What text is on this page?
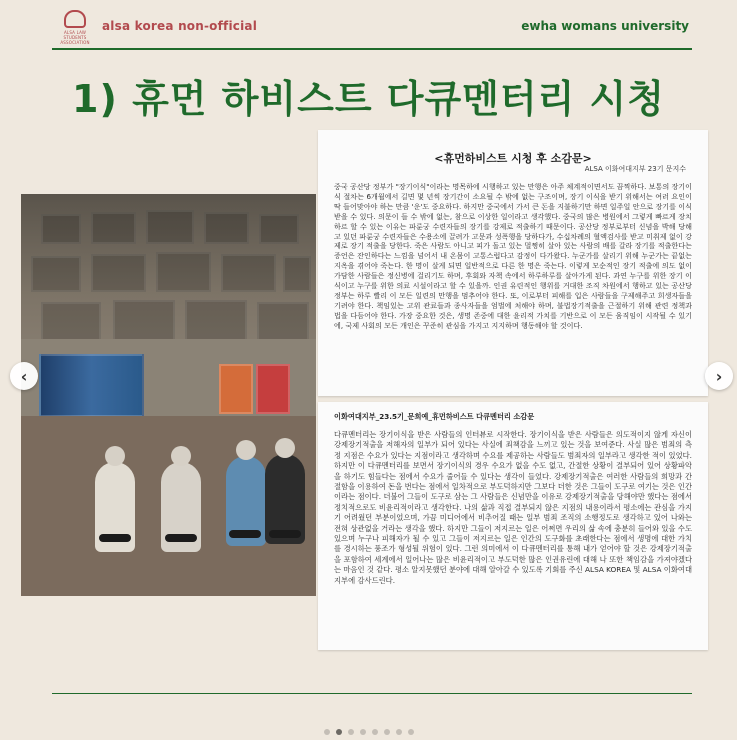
ALSA LAW STUDENTS ASSOCIATION
alsa korea non-official	ewha womans university
1) 휴먼 하비스트 다큐멘터리 시청
<휴먼하비스트 시청 후 소감문>
ALSA 이화여대지부 23기 문지수
중국 공산당 정부가 "장기이식"이라는 명목하에 시행하고 있는 만행은 아주 체계적이면서도 끔찍하다. 보통의 장기이식 절차는 6개월에서 길면 몇 년씩 장기간이 소요될 수 밖에 없는 구조이며, 장기 이식을 받기 위해서는 여러 요인이 딱 들어맞아야 하는 만큼 '운'도 중요하다. 하지만 중국에서 가서 큰 돈을 지불하기만 하면 일주일 안으로 장기를 이식 받을 수 있다. 의문이 들 수 밖에 없는, 참으로 이상한 일이라고 생각했다. 중국의 많은 병원에서 그렇게 빠르게 장치하르 할 수 있는 이유는 파룬궁 수련자들의 장기를 강제로 적출하기 때문이다. 공산당 정부로부터 신념을 박해 당해고 있던 파룬궁 수련자들은 수용소에 끌려가 고문과 성폭행을 당하다가, 수십차례의 혈액검사를 받고 미취제 없이 강제로 장기 적출을 당한다. 죽은 사람도 아니고 피가 돌고 있는 멀쩡히 살아 있는 사람의 배를 갈라 장기를 적출한다는 증언은 잔인하다는 느낌을 넘어서 내 온몸이 고통스럽다고 감정이 다가왔다. 누군가를 살리기 위해 누군가는 끝없는 지옥을 겪어야 죽는다. 한 명이 살게 되면 일반적으로 다른 한 명은 죽는다. 이렇게 모순적인 장기 적출에 의도 없이 가담한 사람들은 정신병에 걸리기도 하며, 후회와 자책 속에서 하루하루를 살아가게 된다. 과연 누구를 위한 장기 이식이고 누구를 위한 의료 시설이라고 할 수 있을까. 인권 유린적인 행위를 거대한 조직 차원에서 행하고 있는 공산당 정부는 하루 빨리 이 모든 일련의 만행을 멈추어야 한다. 또, 이로부터 피해를 입은 사람들을 구제해주고 희생자들을 기려야 한다. 책임있는 고위 관료들과 종사자들을 엄벌에 처해야 하며, 불법장기적출을 근절하기 위해 관련 정책과 법을 다듬어야 한다. 가장 중요한 것은, 생명 존중에 대한 윤리적 가치를 기반으로 이 모든 움직임이 시작될 수 있기에, 국제 사회의 모든 개인은 꾸준히 관심을 가지고 지지하며 행동해야 할 것이다.
이화여대지부_23.5기_문희예_휴먼하비스트 다큐멘터리 소감문
다큐멘터리는 장기이식을 받은 사람들의 인터뷰로 시작한다. 장기이식을 받은 사람들은 의도적이지 않게 자신이 강제장기적출을 저해자의 일부가 되어 있다는 사실에 죄책감을 느끼고 있는 것을 보여준다. 사실 많은 범죄의 측정 지점은 수요가 있다는 지점이라고 생각하며 수요를 제공하는 사람들도 범죄자의 일부라고 생각한 적이 있었다. 하지만 이 다큐멘터리를 보면서 장기이식의 경우 수요가 없을 수도 없고, 간절한 상황이 결부되어 있어 상황파악을 하기도 힘들다는 점에서 수요가 줄어들 수 있다는 생각이 들었다. 강제장기적출은 여러한 사람들의 희망과 간절함을 이용하여 돈을 번다는 점에서 일차적으로 부도덕하지만 그보다 더한 것은 그들이 도구로 여기는 것은 인간이라는 점이다. 더불어 그들이 도구로 삼는 그 사람들은 신념만을 이유로 강제장기적출을 당해야만 했다는 점에서 정치적으로도 비윤리적이라고 생각한다. 나의 삶과 직접 결부되지 않은 지점의 내용이라서 평소에는 관심을 가지기 어려웠던 부분이었으며, 가끔 미디어에서 비추어질 때는 일부 범죄 조직의 소행정도로 생각하고 있어 나와는 전혀 상관없을 거라는 생각을 했다. 하지만 그들이 저지르는 일은 어쩌면 우리의 삶 속에 충분히 들어와 있을 수도 있으며 누구나 피해자가 될 수 있고 그들이 저지르는 일은 인간의 도구화를 초래한다는 점에서 생명에 대한 가치를 경시하는 풍조가 형성될 위험이 있다. 그런 의미에서 이 다큐멘터리를 통해 내가 얻어야 할 것은 강제장기적출을 포함하여 세계에서 일어나는 많은 비윤리적이고 부도덕한 많은 인권유린에 대해 나 또한 책임감을 가져야겠다는 마음인 것 같다. 평소 알지못했던 분야에 대해 알아갈 수 있도록 기회를 주신 ALSA KOREA 및 ALSA 이화여대지부에 감사드린다.
‹	›
